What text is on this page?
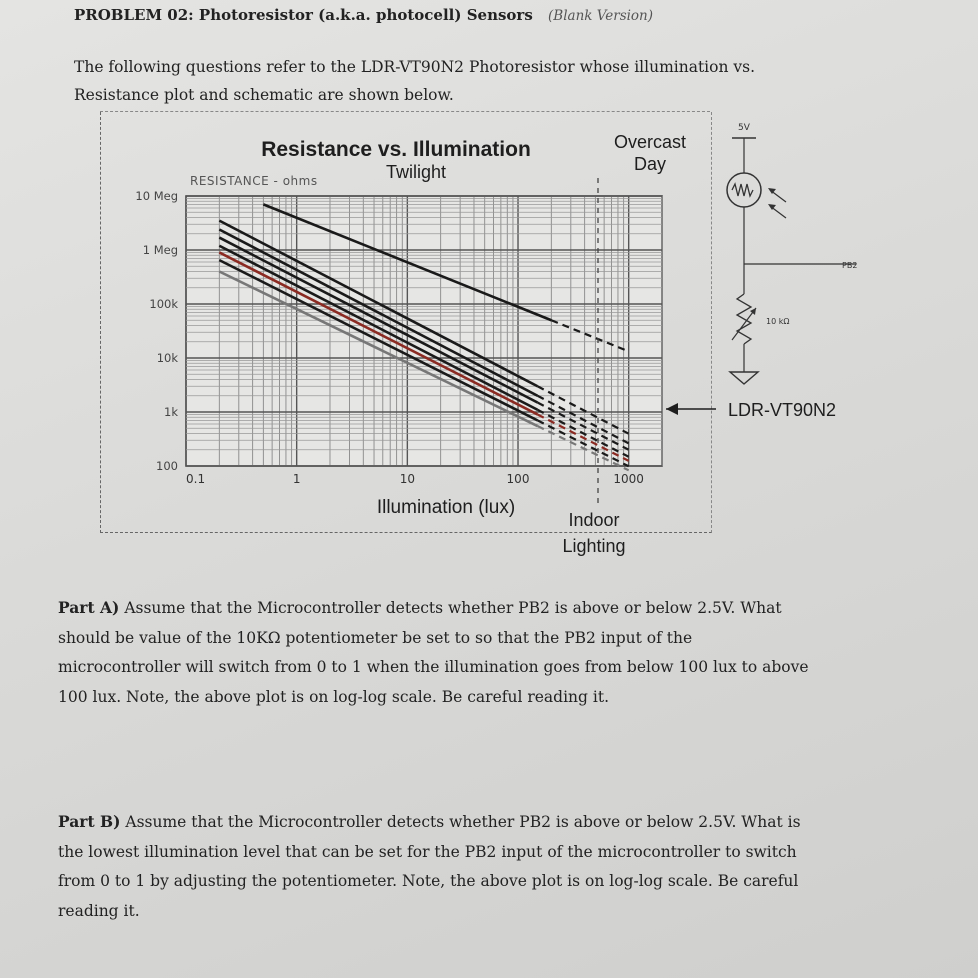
PROBLEM 02: Photoresistor (a.k.a. photocell) Sensors (Blank Version)
The following questions refer to the LDR-VT90N2 Photoresistor whose illumination vs.
Resistance plot and schematic are shown below.
0.1	1	10	100	1000
10 Meg
1 Meg
100k
10k
1k
100
Resistance vs. Illumination
RESISTANCE - ohms
Illumination (lux)
Twilight
Overcast Day
Indoor Lighting
LDR-VT90N2
5V
PB2
10 kΩ
Part A) Assume that the Microcontroller detects whether PB2 is above or below 2.5V. What
should be value of the 10KΩ potentiometer be set to so that the PB2 input of the
microcontroller will switch from 0 to 1 when the illumination goes from below 100 lux to above
100 lux. Note, the above plot is on log-log scale. Be careful reading it.
Part B) Assume that the Microcontroller detects whether PB2 is above or below 2.5V. What is
the lowest illumination level that can be set for the PB2 input of the microcontroller to switch
from 0 to 1 by adjusting the potentiometer. Note, the above plot is on log-log scale. Be careful
reading it.
